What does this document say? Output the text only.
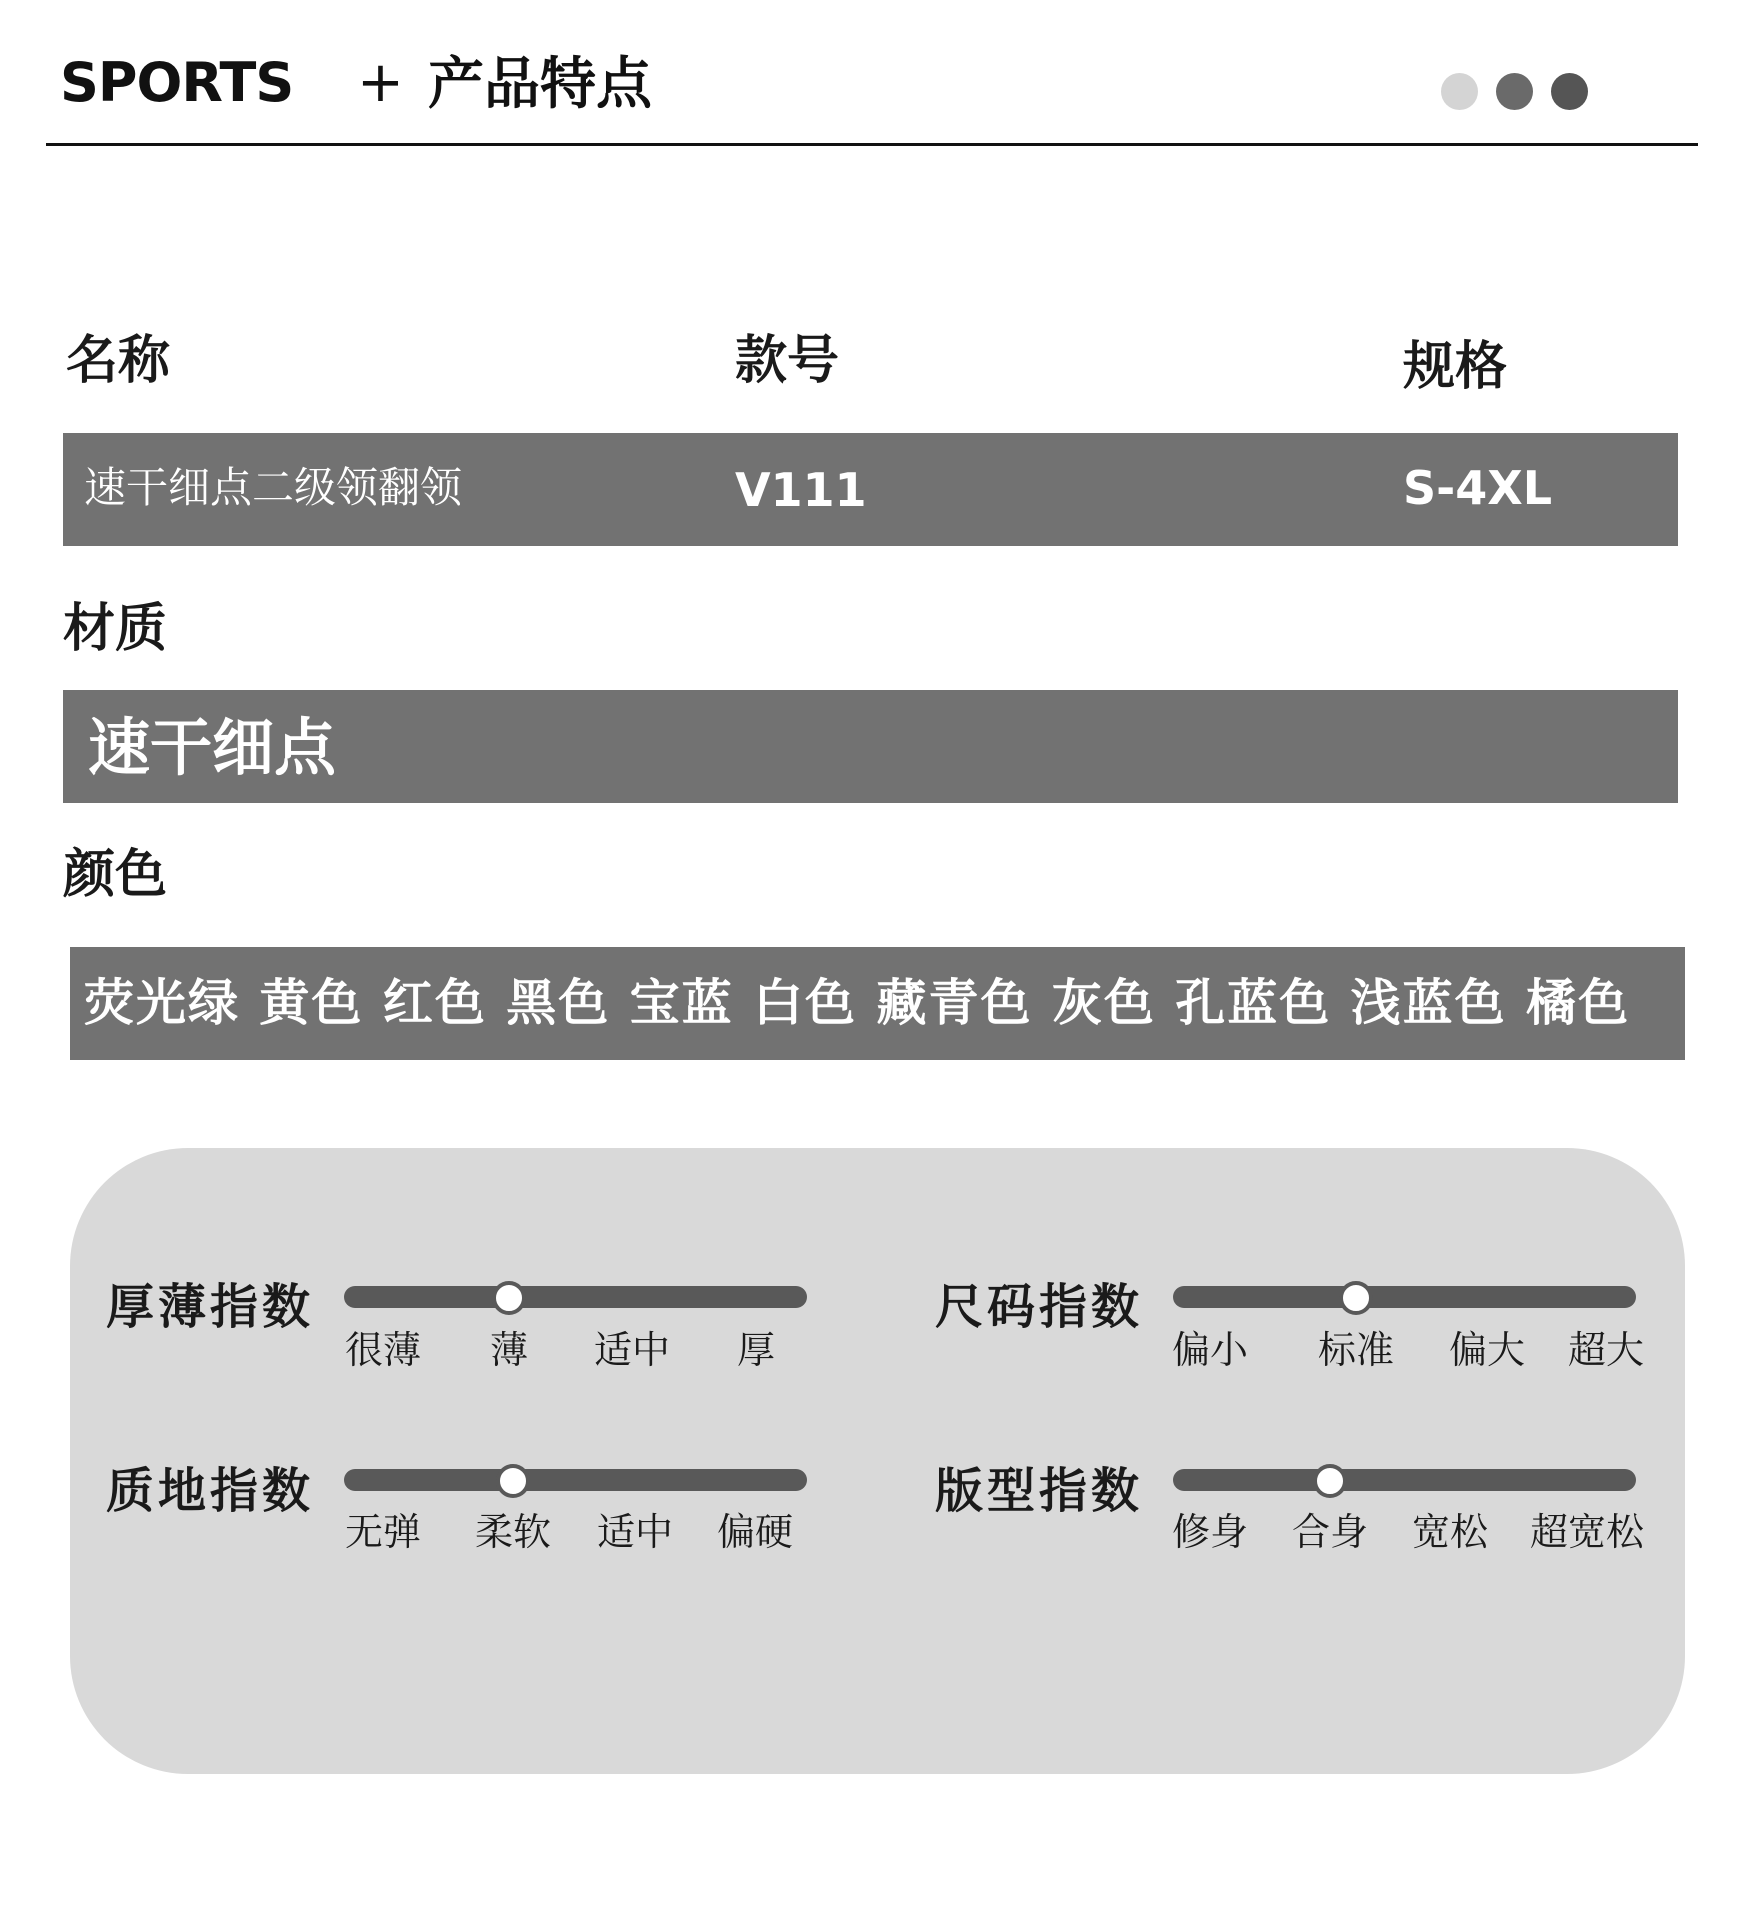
SPORTS + 产品特点
名称	款号	规格
速干细点二级领翻领	V111	S-4XL
材质
速干细点
颜色
荧光绿 黄色 红色 黑色 宝蓝 白色 藏青色 灰色 孔蓝色 浅蓝色 橘色
厚薄指数
很薄 薄 适中 厚
尺码指数
偏小 标准 偏大 超大
质地指数
无弹 柔软 适中 偏硬
版型指数
修身 合身 宽松 超宽松
